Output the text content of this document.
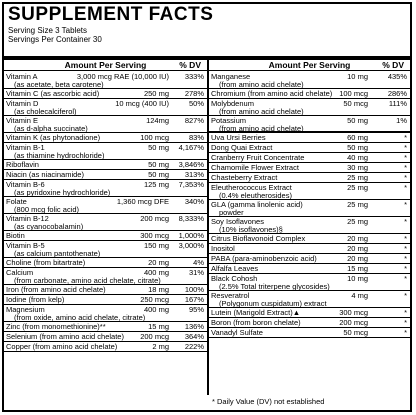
SUPPLEMENT FACTS
Serving Size 3 Tablets
Servings Per Container 30
Amount Per Serving	% DV	Amount Per Serving	% DV
Vitamin A	3,000 mcg RAE (10,000 IU) 333%
(as acetate, beta carotene)
Vitamin C (as ascorbic acid)	250 mg 278%
Vitamin D	10 mcg (400 IU)	50%
(as cholecalciferol)
Vitamin E	124mg 827%
(as d-alpha succinate)
Vitamin K (as phytonadione)	100 mcg	83%
Vitamin B-1	50 mg 4,167%
(as thiamine hydrochloride)
Riboflavin	50 mg 3,846%
Niacin (as niacinamide)	50 mg 313%
Vitamin B-6	125 mg 7,353%
(as pyridoxine hydrochloride)
Folate	1,360 mcg DFE 340%
(800 mcg folic acid)
Vitamin B-12	200 mcg 8,333%
(as cyanocobalamin)
Biotin	300 mcg 1,000%
Vitamin B-5	150 mg 3,000%
(as calcium pantothenate)
Choline (from bitartrate)	20 mg	4%
Calcium	400 mg	31%
(from carbonate, amino acid chelate, citrate)
Iron (from amino acid chelate)	18 mg 100%
Iodine (from kelp)	250 mcg 167%
Magnesium	400 mg	95%
(from oxide, amino acid chelate, citrate)
Zinc (from monomethionine)**	15 mg 136%
Selenium (from amino acid chelate) 200 mcg 364%
Copper (from amino acid chelate)	2 mg 222%
Manganese	10 mg	435%
(from amino acid chelate)
Chromium (from amino acid chelate) 100 mcg	286%
Molybdenum	50 mcg	111%
(from amino acid chelate)
Potassium	50 mg	1%
(from amino acid chelate)
Uva Ursi Berries	60 mg	*
Dong Quai Extract	50 mg	*
Cranberry Fruit Concentrate	40 mg	*
Chamomile Flower Extract	30 mg	*
Chasteberry Extract	25 mg	*
Eleutherococcus Extract	25 mg	*
(0.4% eleutherosides)
GLA (gamma linolenic acid)	25 mg	*
powder
Soy Isoflavones	25 mg	*
(10% isoflavones)§
Citrus Bioflavonoid Complex	20 mg	*
Inositol	20 mg	*
PABA (para-aminobenzoic acid)	20 mg	*
Alfalfa Leaves	15 mg	*
Black Cohosh	10 mg	*
(2.5% Total triterpene glycosides)
Resveratrol	4 mg	*
(Polygonum cuspidatum) extract
Lutein (Marigold Extract)▲	300 mcg	*
Boron (from boron chelate)	200 mcg	*
Vanadyl Sulfate	50 mcg	*
* Daily Value (DV) not established
